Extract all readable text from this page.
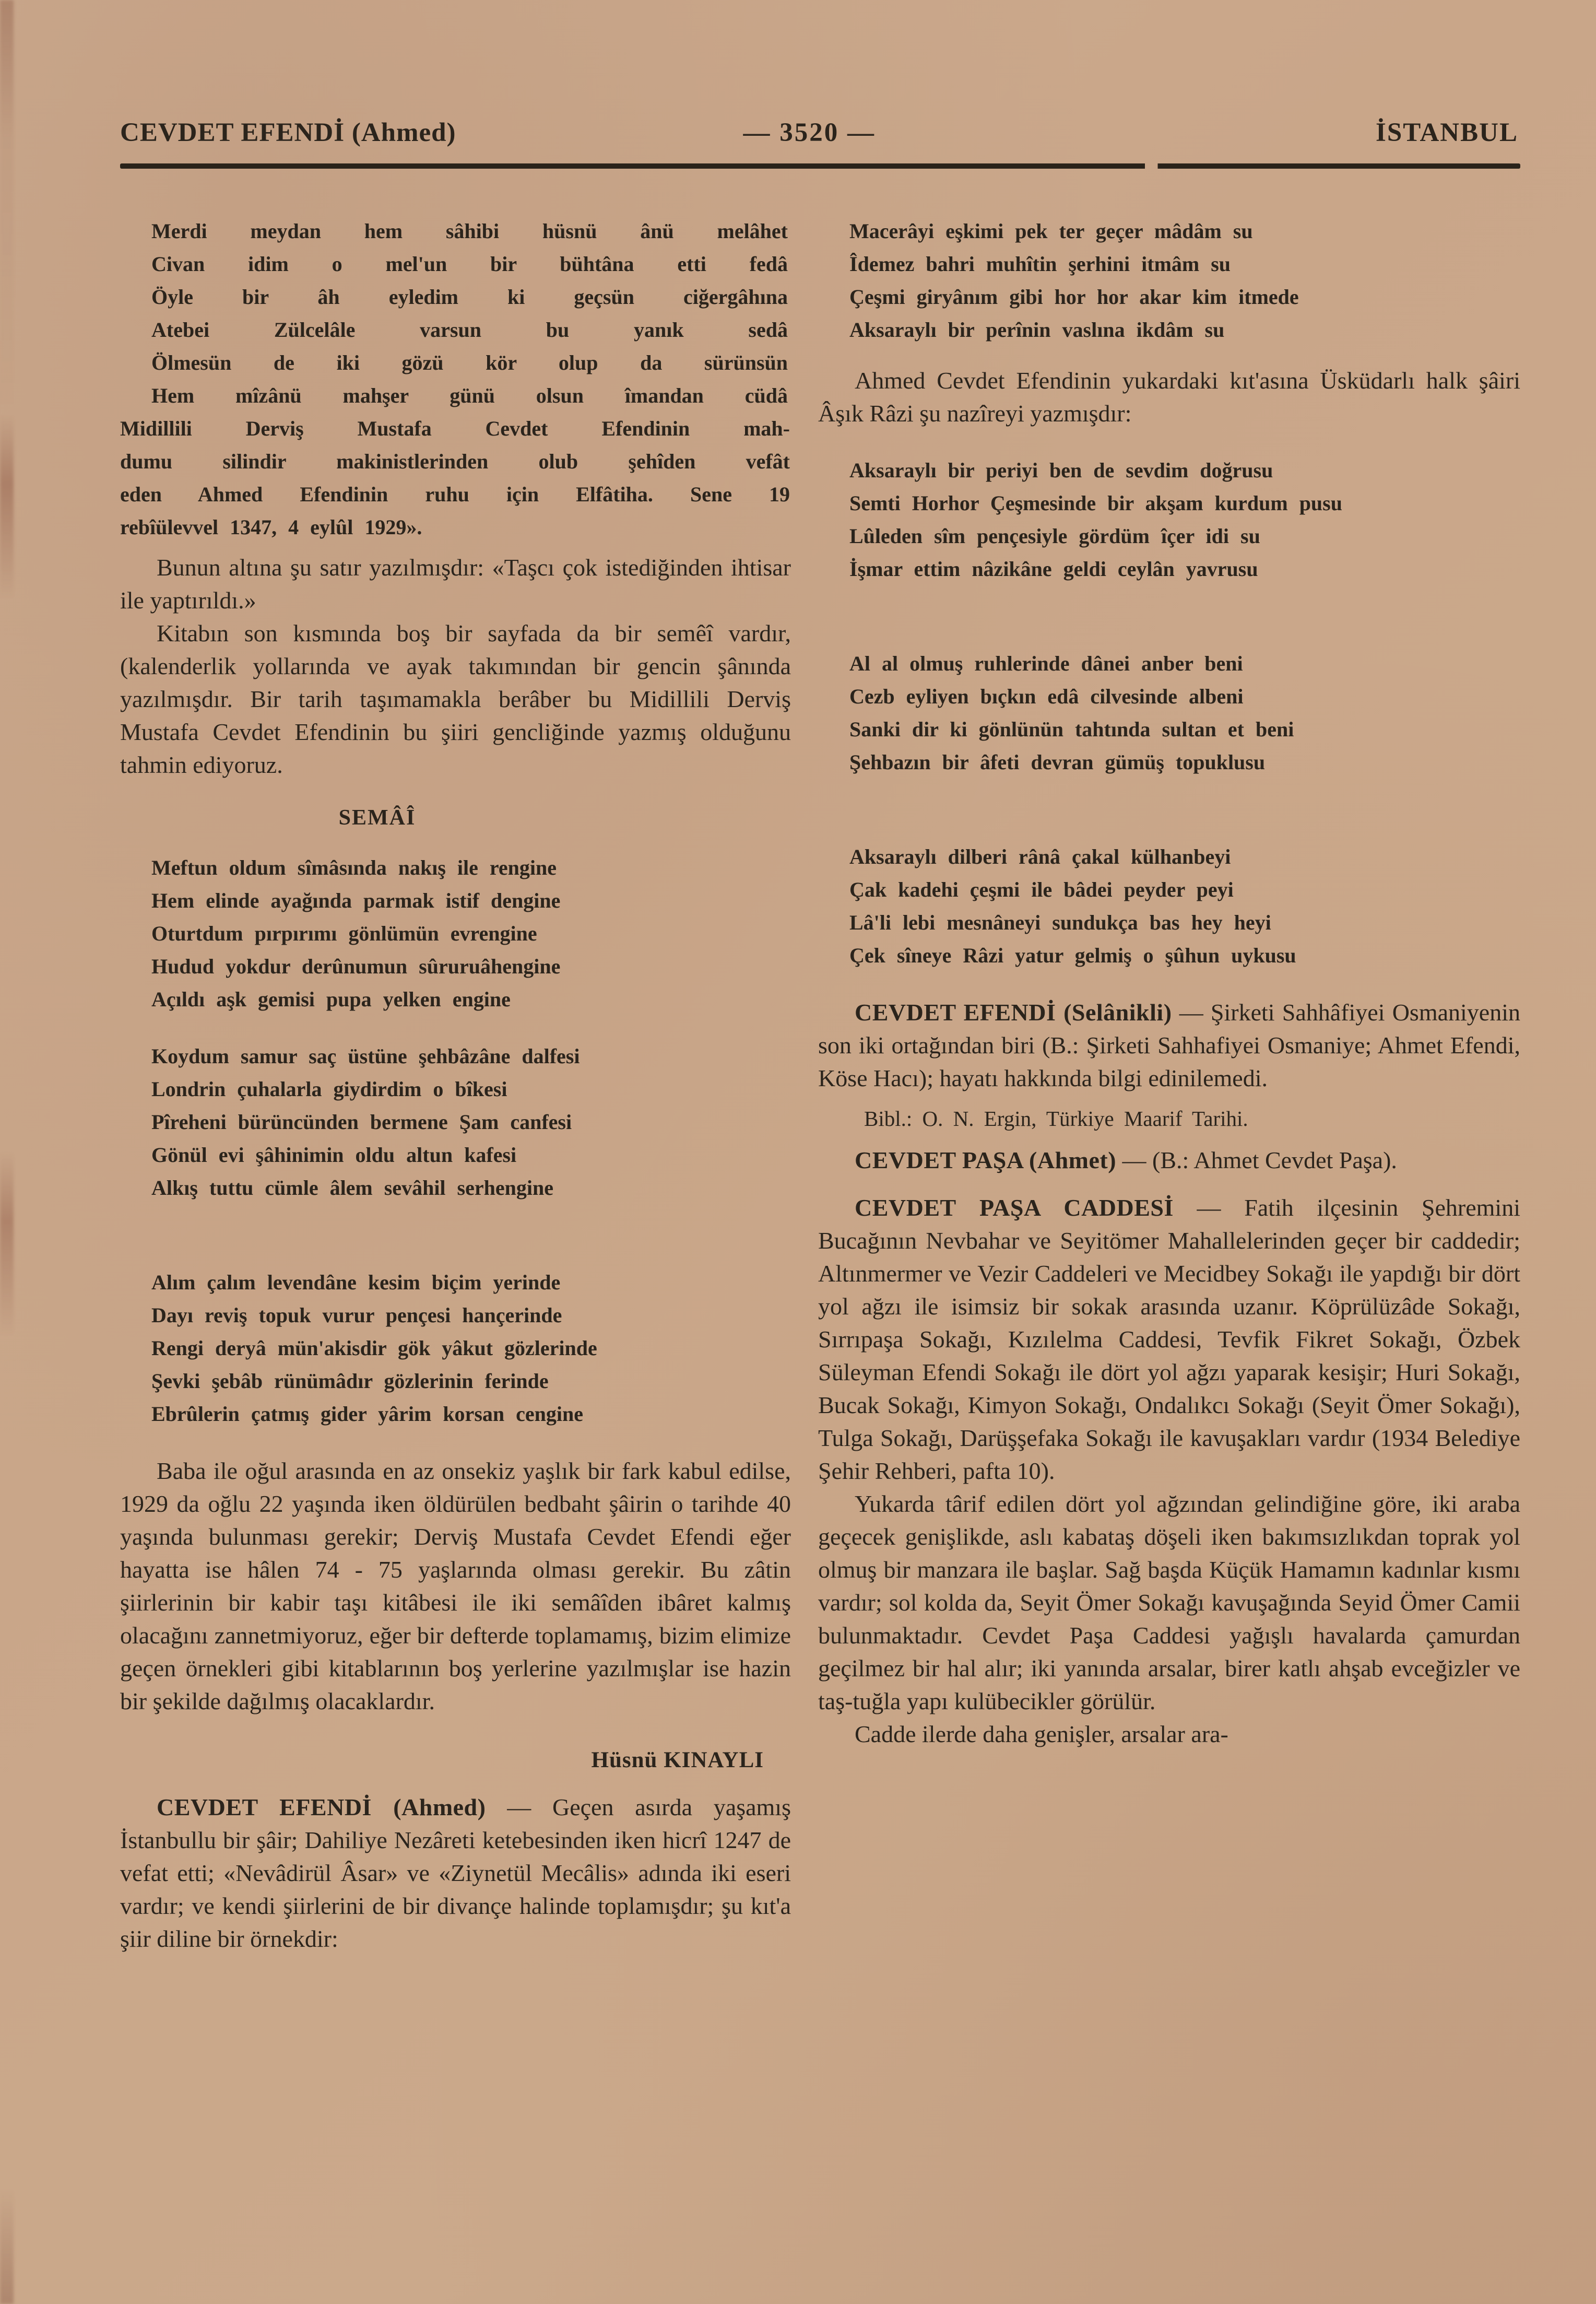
CEVDET EFENDİ (Ahmed)	— 3520 —	İSTANBUL
Merdi meydan hem sâhibi hüsnü ânü melâhet
Civan idim o mel'un bir bühtâna etti fedâ
Öyle bir âh eyledim ki geçsün ciğergâhına
Atebei Zülcelâle varsun bu yanık sedâ
Ölmesün de iki gözü kör olup da sürünsün
Hem mîzânü mahşer günü olsun îmandan cüdâ
Midillili Derviş Mustafa Cevdet Efendinin mah-
dumu silindir makinistlerinden olub şehîden vefât
eden Ahmed Efendinin ruhu için Elfâtiha. Sene 19
rebîülevvel 1347, 4 eylûl 1929».

Bunun altına şu satır yazılmışdır: «Taşcı çok istediğinden ihtisar ile yaptırıldı.»

Kitabın son kısmında boş bir sayfada da bir semêî vardır, (kalenderlik yollarında ve ayak takımından bir gencin şânında yazılmışdır. Bir tarih taşımamakla berâber bu Midillili Derviş Mustafa Cevdet Efendinin bu şiiri gencliğinde yazmış olduğunu tahmin ediyoruz.

SEMÂÎ
Meftun oldum sîmâsında nakış ile rengine
Hem elinde ayağında parmak istif dengine
Oturtdum pırpırımı gönlümün evrengine
Hudud yokdur derûnumun sûruruâhengine
Açıldı aşk gemisi pupa yelken engine
Koydum samur saç üstüne şehbâzâne dalfesi
Londrin çuhalarla giydirdim o bîkesi
Pîreheni bürüncünden bermene Şam canfesi
Gönül evi şâhinimin oldu altun kafesi
Alkış tuttu cümle âlem sevâhil serhengine
Alım çalım levendâne kesim biçim yerinde
Dayı reviş topuk vurur pençesi hançerinde
Rengi deryâ mün'akisdir gök yâkut gözlerinde
Şevki şebâb rünümâdır gözlerinin ferinde
Ebrûlerin çatmış gider yârim korsan cengine

Baba ile oğul arasında en az onsekiz yaşlık bir fark kabul edilse, 1929 da oğlu 22 yaşında iken öldürülen bedbaht şâirin o tarihde 40 yaşında bulunması gerekir; Derviş Mustafa Cevdet Efendi eğer hayatta ise hâlen 74 - 75 yaşlarında olması gerekir. Bu zâtin şiirlerinin bir kabir taşı kitâbesi ile iki semâîden ibâret kalmış olacağını zannetmiyoruz, eğer bir defterde toplamamış, bizim elimize geçen örnekleri gibi kitablarının boş yerlerine yazılmışlar ise hazin bir şekilde dağılmış olacaklardır.

Hüsnü KINAYLI

CEVDET EFENDİ (Ahmed) — Geçen asırda yaşamış İstanbullu bir şâir; Dahiliye Nezâreti ketebesinden iken hicrî 1247 de vefat etti; «Nevâdirül Âsar» ve «Ziynetül Mecâlis» adında iki eseri vardır; ve kendi şiirlerini de bir divançe halinde toplamışdır; şu kıt'a şiir diline bir örnekdir:

Macerâyi eşkimi pek ter geçer mâdâm su
Îdemez bahri muhîtin şerhini itmâm su
Çeşmi giryânım gibi hor hor akar kim itmede
Aksaraylı bir perînin vaslına ikdâm su

Ahmed Cevdet Efendinin yukardaki kıt'asına Üsküdarlı halk şâiri Âşık Râzi şu nazîreyi yazmışdır:

Aksaraylı bir periyi ben de sevdim doğrusu
Semti Horhor Çeşmesinde bir akşam kurdum pusu
Lûleden sîm pençesiyle gördüm îçer idi su
İşmar ettim nâzikâne geldi ceylân yavrusu
Al al olmuş ruhlerinde dânei anber beni
Cezb eyliyen bıçkın edâ cilvesinde albeni
Sanki dir ki gönlünün tahtında sultan et beni
Şehbazın bir âfeti devran gümüş topuklusu
Aksaraylı dilberi rânâ çakal külhanbeyi
Çak kadehi çeşmi ile bâdei peyder peyi
Lâ'li lebi mesnâneyi sundukça bas hey heyi
Çek sîneye Râzi yatur gelmiş o şûhun uykusu

CEVDET EFENDİ (Selânikli) — Şirketi Sahhâfiyei Osmaniyenin son iki ortağından biri (B.: Şirketi Sahhafiyei Osmaniye; Ahmet Efendi, Köse Hacı); hayatı hakkında bilgi edinilemedi.

Bibl.: O. N. Ergin, Türkiye Maarif Tarihi.

CEVDET PAŞA (Ahmet) — (B.: Ahmet Cevdet Paşa).

CEVDET PAŞA CADDESİ — Fatih ilçesinin Şehremini Bucağının Nevbahar ve Seyitömer Mahallelerinden geçer bir caddedir; Altınmermer ve Vezir Caddeleri ve Mecidbey Sokağı ile yapdığı bir dört yol ağzı ile isimsiz bir sokak arasında uzanır. Köprülüzâde Sokağı, Sırrıpaşa Sokağı, Kızılelma Caddesi, Tevfik Fikret Sokağı, Özbek Süleyman Efendi Sokağı ile dört yol ağzı yaparak kesişir; Huri Sokağı, Bucak Sokağı, Kimyon Sokağı, Ondalıkcı Sokağı (Seyit Ömer Sokağı), Tulga Sokağı, Darüşşefaka Sokağı ile kavuşakları vardır (1934 Belediye Şehir Rehberi, pafta 10).

Yukarda târif edilen dört yol ağzından gelindiğine göre, iki araba geçecek genişlikde, aslı kabataş döşeli iken bakımsızlıkdan toprak yol olmuş bir manzara ile başlar. Sağ başda Küçük Hamamın kadınlar kısmı vardır; sol kolda da, Seyit Ömer Sokağı kavuşağında Seyid Ömer Camii bulunmaktadır. Cevdet Paşa Caddesi yağışlı havalarda çamurdan geçilmez bir hal alır; iki yanında arsalar, birer katlı ahşab evceğizler ve taş-tuğla yapı kulübecikler görülür.

Cadde ilerde daha genişler, arsalar ara-
